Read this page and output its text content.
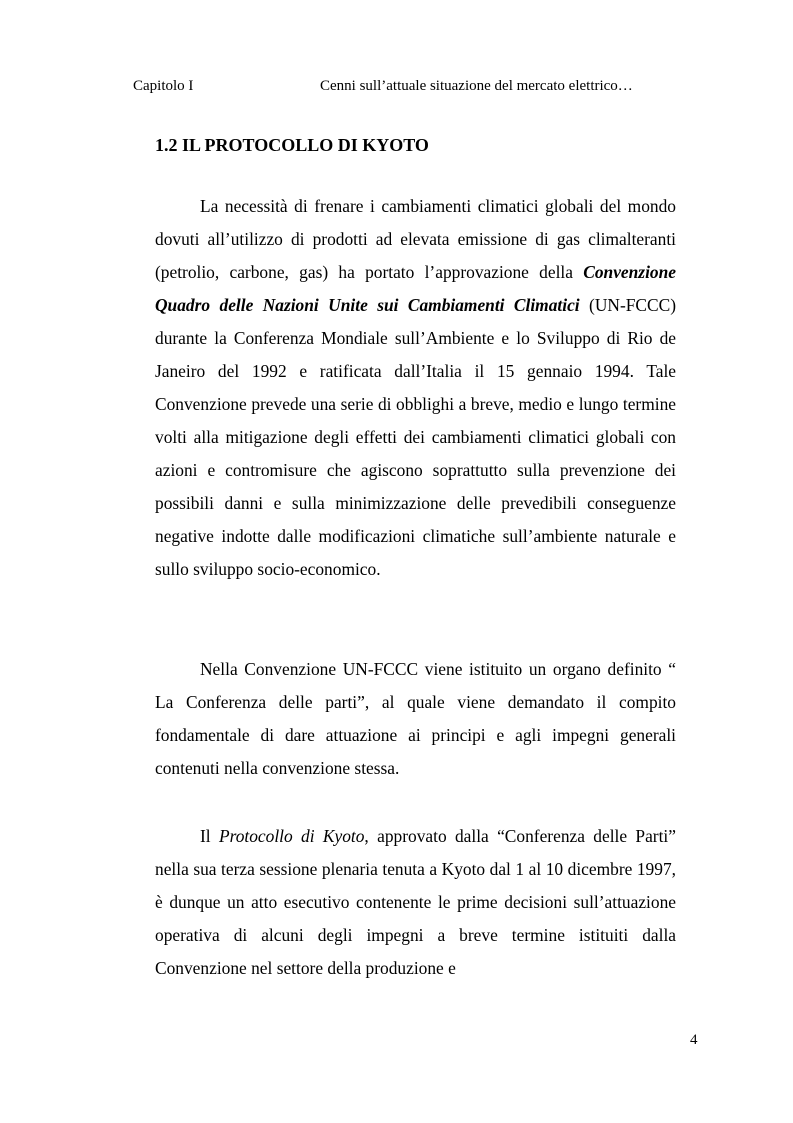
Capitolo I	Cenni sull’attuale situazione del mercato elettrico…
1.2 IL PROTOCOLLO DI KYOTO

La necessità di frenare i cambiamenti climatici globali del mondo dovuti all’utilizzo di prodotti ad elevata emissione di gas climalteranti (petrolio, carbone, gas) ha portato l’approvazione della Convenzione Quadro delle Nazioni Unite sui Cambiamenti Climatici (UN-FCCC) durante la Conferenza Mondiale sull’Ambiente e lo Sviluppo di Rio de Janeiro del 1992 e ratificata dall’Italia il 15 gennaio 1994. Tale Convenzione prevede una serie di obblighi a breve, medio e lungo termine volti alla mitigazione degli effetti dei cambiamenti climatici globali con azioni e contromisure che agiscono soprattutto sulla prevenzione dei possibili danni e sulla minimizzazione delle prevedibili conseguenze negative indotte dalle modificazioni climatiche sull’ambiente naturale e sullo sviluppo socio-economico.

Nella Convenzione UN-FCCC viene istituito un organo definito “ La Conferenza delle parti”, al quale viene demandato il compito fondamentale di dare attuazione ai principi e agli impegni generali contenuti nella convenzione stessa.

Il Protocollo di Kyoto, approvato dalla “Conferenza delle Parti” nella sua terza sessione plenaria tenuta a Kyoto dal 1 al 10 dicembre 1997, è dunque un atto esecutivo contenente le prime decisioni sull’attuazione operativa di alcuni degli impegni a breve termine istituiti dalla Convenzione nel settore della produzione e

4
